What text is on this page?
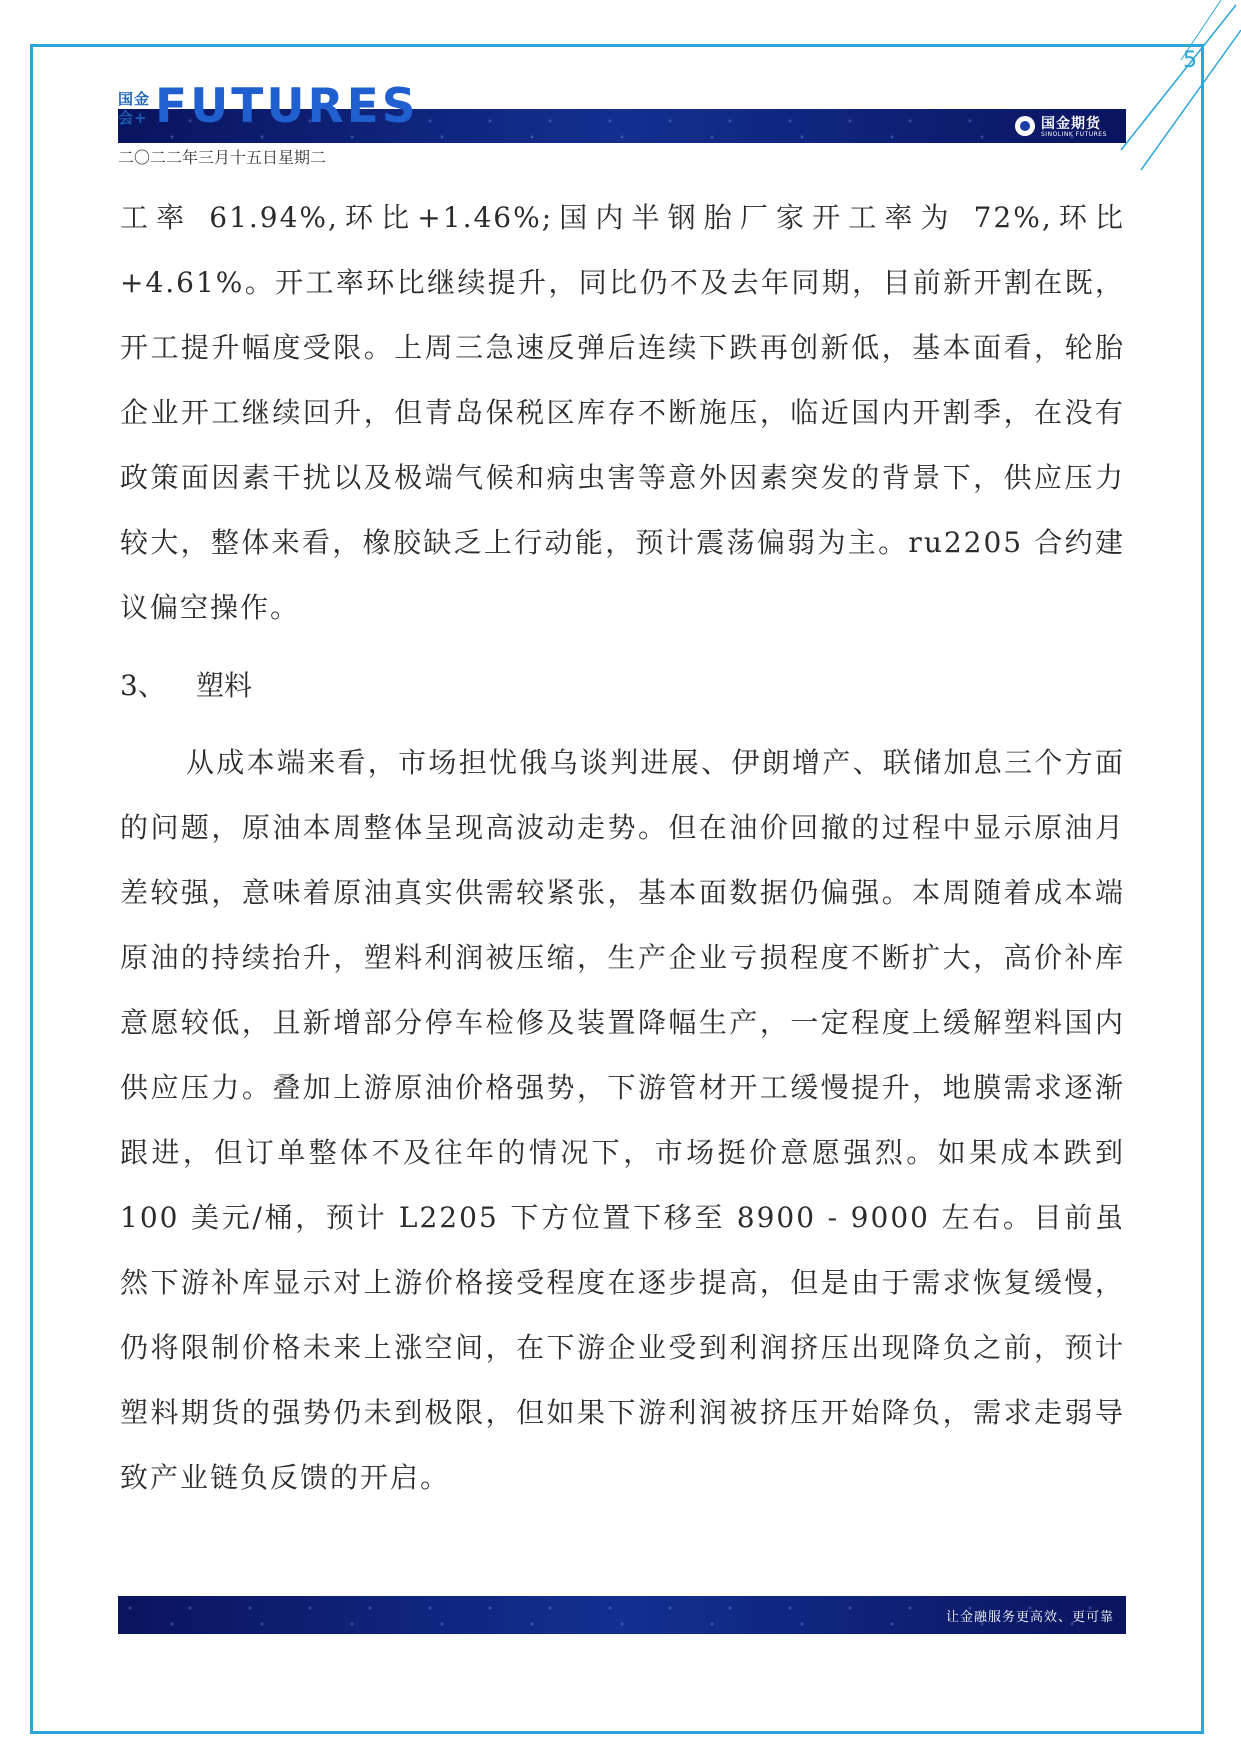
5
国金会+ FUTURES	国金期货
SINOLINK FUTURES
二〇二二年三月十五日星期二

工率 61.94%,环比+1.46%;国内半钢胎厂家开工率为 72%,环比+4.61%。开工率环比继续提升，同比仍不及去年同期，目前新开割在既，开工提升幅度受限。上周三急速反弹后连续下跌再创新低，基本面看，轮胎企业开工继续回升，但青岛保税区库存不断施压，临近国内开割季，在没有政策面因素干扰以及极端气候和病虫害等意外因素突发的背景下，供应压力较大，整体来看，橡胶缺乏上行动能，预计震荡偏弱为主。ru2205 合约建议偏空操作。

3、	塑料

从成本端来看，市场担忧俄乌谈判进展、伊朗增产、联储加息三个方面的问题，原油本周整体呈现高波动走势。但在油价回撤的过程中显示原油月差较强，意味着原油真实供需较紧张，基本面数据仍偏强。本周随着成本端原油的持续抬升，塑料利润被压缩，生产企业亏损程度不断扩大，高价补库意愿较低，且新增部分停车检修及装置降幅生产，一定程度上缓解塑料国内供应压力。叠加上游原油价格强势，下游管材开工缓慢提升，地膜需求逐渐跟进，但订单整体不及往年的情况下，市场挺价意愿强烈。如果成本跌到 100 美元/桶，预计 L2205 下方位置下移至 8900 - 9000 左右。目前虽然下游补库显示对上游价格接受程度在逐步提高，但是由于需求恢复缓慢，仍将限制价格未来上涨空间，在下游企业受到利润挤压出现降负之前，预计塑料期货的强势仍未到极限，但如果下游利润被挤压开始降负，需求走弱导致产业链负反馈的开启。

让金融服务更高效、更可靠
